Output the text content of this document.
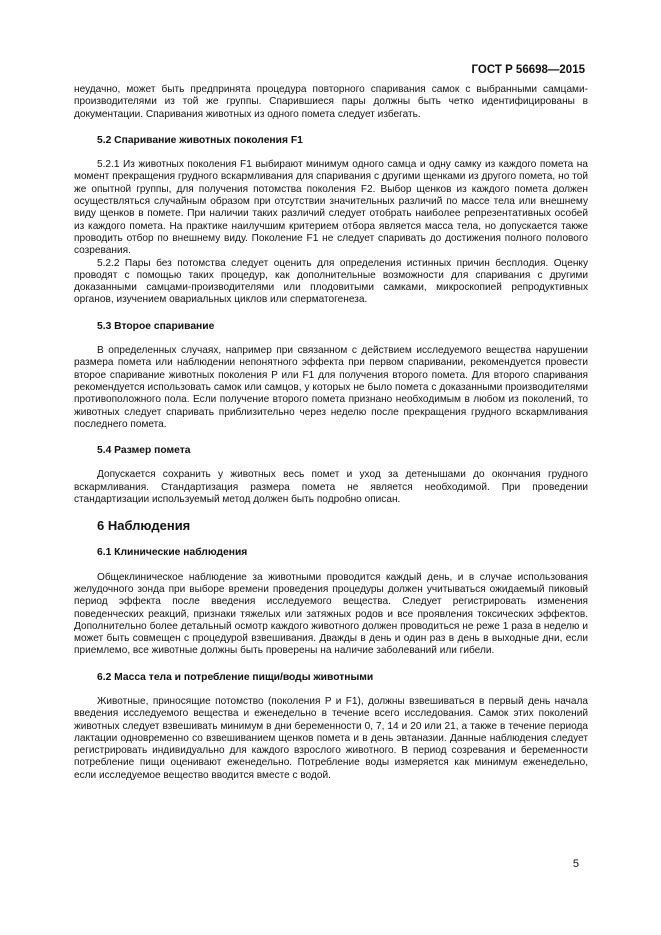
ГОСТ Р 56698—2015

неудачно, может быть предпринята процедура повторного спаривания самок с выбранными самцами-производителями из той же группы. Спарившиеся пары должны быть четко идентифицированы в документации. Спаривания животных из одного помета следует избегать.

5.2 Спаривание животных поколения F1

5.2.1 Из животных поколения F1 выбирают минимум одного самца и одну самку из каждого помета на момент прекращения грудного вскармливания для спаривания с другими щенками из другого помета, но той же опытной группы, для получения потомства поколения F2. Выбор щенков из каждого помета должен осуществляться случайным образом при отсутствии значительных различий по массе тела или внешнему виду щенков в помете. При наличии таких различий следует отобрать наиболее репрезентативных особей из каждого помета. На практике наилучшим критерием отбора является масса тела, но допускается также проводить отбор по внешнему виду. Поколение F1 не следует спаривать до достижения полного полового созревания.

5.2.2 Пары без потомства следует оценить для определения истинных причин бесплодия. Оценку проводят с помощью таких процедур, как дополнительные возможности для спаривания с другими доказанными самцами-производителями или плодовитыми самками, микроскопией репродуктивных органов, изучением овариальных циклов или сперматогенеза.

5.3 Второе спаривание

В определенных случаях, например при связанном с действием исследуемого вещества нарушении размера помета или наблюдении непонятного эффекта при первом спаривании, рекомендуется провести второе спаривание животных поколения P или F1 для получения второго помета. Для второго спаривания рекомендуется использовать самок или самцов, у которых не было помета с доказанными производителями противоположного пола. Если получение второго помета признано необходимым в любом из поколений, то животных следует спаривать приблизительно через неделю после прекращения грудного вскармливания последнего помета.

5.4 Размер помета

Допускается сохранить у животных весь помет и уход за детенышами до окончания грудного вскармливания. Стандартизация размера помета не является необходимой. При проведении стандартизации используемый метод должен быть подробно описан.

6 Наблюдения
6.1 Клинические наблюдения

Общеклиническое наблюдение за животными проводится каждый день, и в случае использования желудочного зонда при выборе времени проведения процедуры должен учитываться ожидаемый пиковый период эффекта после введения исследуемого вещества. Следует регистрировать изменения поведенческих реакций, признаки тяжелых или затяжных родов и все проявления токсических эффектов. Дополнительно более детальный осмотр каждого животного должен проводиться не реже 1 раза в неделю и может быть совмещен с процедурой взвешивания. Дважды в день и один раз в день в выходные дни, если приемлемо, все животные должны быть проверены на наличие заболеваний или гибели.

6.2 Масса тела и потребление пищи/воды животными

Животные, приносящие потомство (поколения P и F1), должны взвешиваться в первый день начала введения исследуемого вещества и еженедельно в течение всего исследования. Самок этих поколений животных следует взвешивать минимум в дни беременности 0, 7, 14 и 20 или 21, а также в течение периода лактации одновременно со взвешиванием щенков помета и в день эвтаназии. Данные наблюдения следует регистрировать индивидуально для каждого взрослого животного. В период созревания и беременности потребление пищи оценивают еженедельно. Потребление воды измеряется как минимум еженедельно, если исследуемое вещество вводится вместе с водой.

5
